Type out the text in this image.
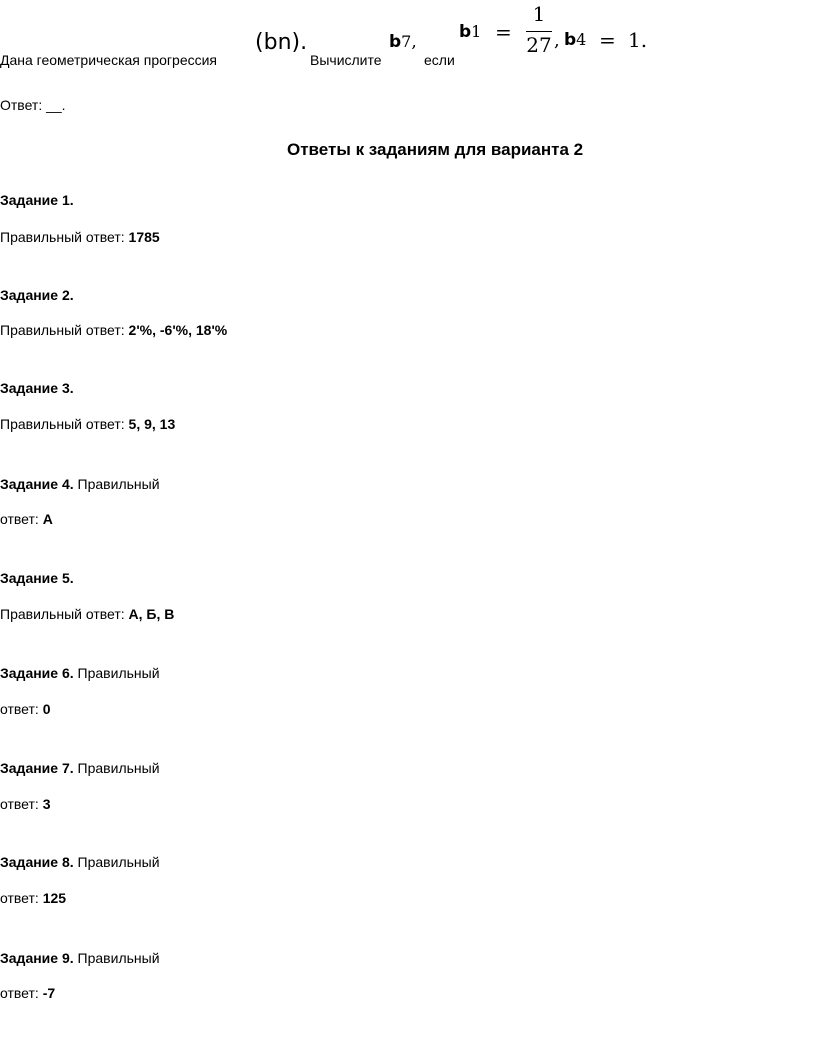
Дана геометрическая прогрессия
(bn).
Вычислите
b7,
если
b1 =
1
27 , b4 = 1.
Ответ: __.
Ответы к заданиям для варианта 2
Задание 1.
Правильный ответ: 1785
Задание 2.
Правильный ответ: 2'%, -6'%, 18'%
Задание 3.
Правильный ответ: 5, 9, 13
Задание 4. Правильный
ответ: А
Задание 5.
Правильный ответ: А, Б, В
Задание 6. Правильный
ответ: 0
Задание 7. Правильный
ответ: 3
Задание 8. Правильный
ответ: 125
Задание 9. Правильный
ответ: -7
